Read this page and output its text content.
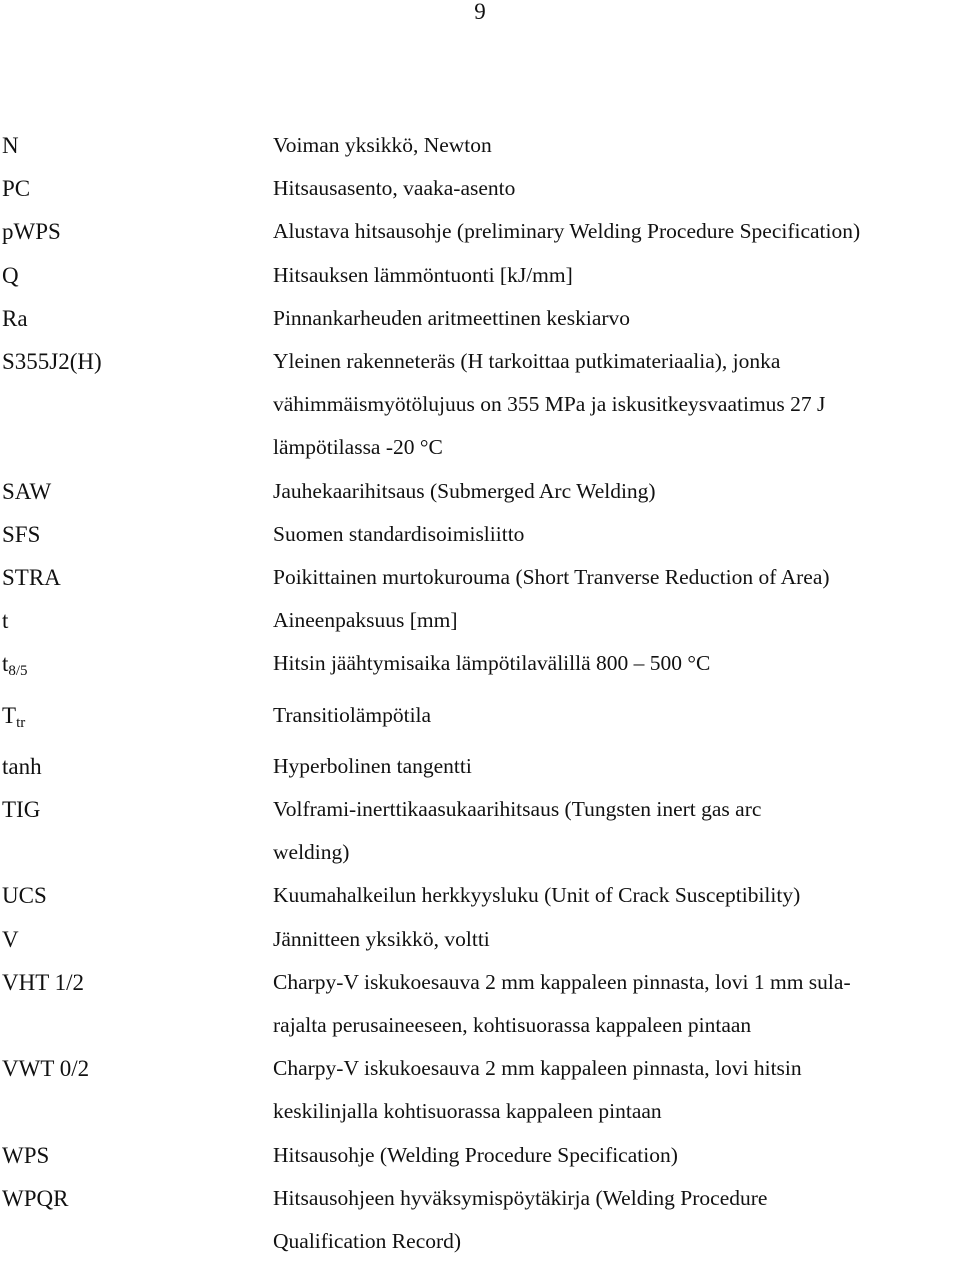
9
N	Voiman yksikkö, Newton
PC	Hitsausasento, vaaka-asento
pWPS	Alustava hitsausohje (preliminary Welding Procedure Specification)
Q	Hitsauksen lämmöntuonti [kJ/mm]
Ra	Pinnankarheuden aritmeettinen keskiarvo
S355J2(H)	Yleinen rakenneteräs (H tarkoittaa putkimateriaalia), jonka
vähimmäismyötölujuus on 355 MPa ja iskusitkeysvaatimus 27 J
lämpötilassa -20 °C
SAW	Jauhekaarihitsaus (Submerged Arc Welding)
SFS	Suomen standardisoimisliitto
STRA	Poikittainen murtokurouma (Short Tranverse Reduction of Area)
t	Aineenpaksuus [mm]
$t_{8/5}$	Hitsin jäähtymisaika lämpötilavälillä 800 – 500 °C
$T_{tr}$	Transitiolämpötila
tanh	Hyperbolinen tangentti
TIG	Volframi-inerttikaasukaarihitsaus (Tungsten inert gas arc
welding)
UCS	Kuumahalkeilun herkkyysluku (Unit of Crack Susceptibility)
V	Jännitteen yksikkö, voltti
VHT 1/2	Charpy-V iskukoesauva 2 mm kappaleen pinnasta, lovi 1 mm sula-
rajalta perusaineeseen, kohtisuorassa kappaleen pintaan
VWT 0/2	Charpy-V iskukoesauva 2 mm kappaleen pinnasta, lovi hitsin
keskilinjalla kohtisuorassa kappaleen pintaan
WPS	Hitsausohje (Welding Procedure Specification)
WPQR	Hitsausohjeen hyväksymispöytäkirja (Welding Procedure
Qualification Record)
